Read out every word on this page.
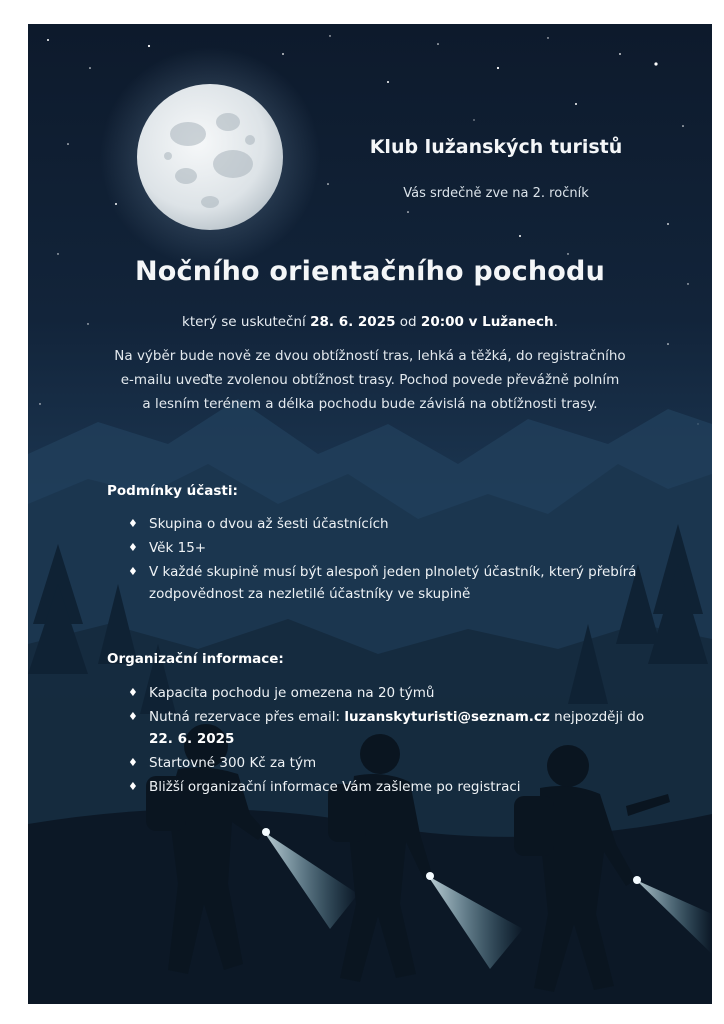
Klub lužanských turistů
Vás srdečně zve na 2. ročník
Nočního orientačního pochodu
který se uskuteční 28. 6. 2025 od 20:00 v Lužanech.
Na výběr bude nově ze dvou obtížností tras, lehká a těžká, do registračního
e-mailu uveďte zvolenou obtížnost trasy. Pochod povede převážně polním
a lesním terénem a délka pochodu bude závislá na obtížnosti trasy.
Podmínky účasti:
♦ Skupina o dvou až šesti účastnících
♦ Věk 15+
♦ V každé skupině musí být alespoň jeden plnoletý účastník, který přebírá zodpovědnost za nezletilé účastníky ve skupině
Organizační informace:
♦ Kapacita pochodu je omezena na 20 týmů
♦ Nutná rezervace přes email: luzanskyturisti@seznam.cz nejpozději do 22. 6. 2025
♦ Startovné 300 Kč za tým
♦ Bližší organizační informace Vám zašleme po registraci
